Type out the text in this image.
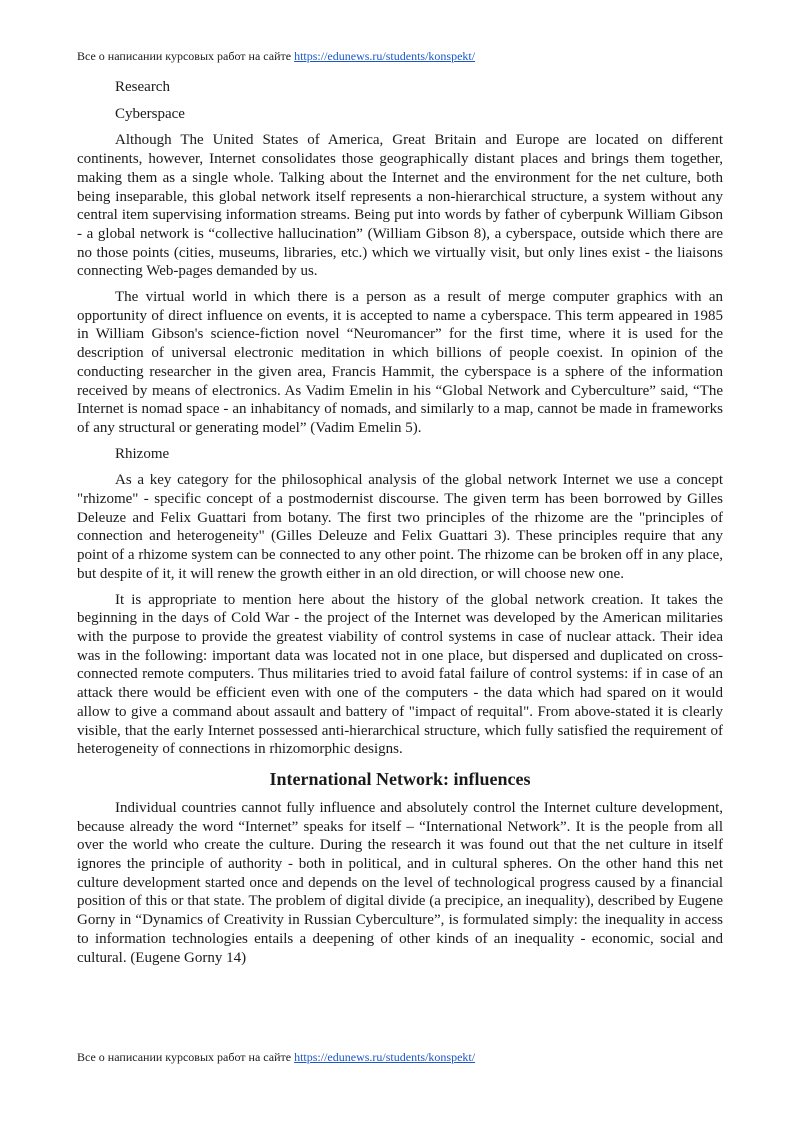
Все о написании курсовых работ на сайте https://edunews.ru/students/konspekt/

Research

Cyberspace

Although The United States of America, Great Britain and Europe are located on different continents, however, Internet consolidates those geographically distant places and brings them together, making them as a single whole. Talking about the Internet and the environment for the net culture, both being inseparable, this global network itself represents a non-hierarchical structure, a system without any central item supervising information streams. Being put into words by father of cyberpunk William Gibson - a global network is “collective hallucination” (William Gibson 8), a cyberspace, outside which there are no those points (cities, museums, libraries, etc.) which we virtually visit, but only lines exist - the liaisons connecting Web-pages demanded by us.

The virtual world in which there is a person as a result of merge computer graphics with an opportunity of direct influence on events, it is accepted to name a cyberspace. This term appeared in 1985 in William Gibson's science-fiction novel “Neuromancer” for the first time, where it is used for the description of universal electronic meditation in which billions of people coexist. In opinion of the conducting researcher in the given area, Francis Hammit, the cyberspace is a sphere of the information received by means of electronics. As Vadim Emelin in his “Global Network and Cyberculture” said, “The Internet is nomad space - an inhabitancy of nomads, and similarly to a map, cannot be made in frameworks of any structural or generating model” (Vadim Emelin 5).

Rhizome

As a key category for the philosophical analysis of the global network Internet we use a concept "rhizome" - specific concept of a postmodernist discourse. The given term has been borrowed by Gilles Deleuze and Felix Guattari from botany. The first two principles of the rhizome are the "principles of connection and heterogeneity" (Gilles Deleuze and Felix Guattari 3). These principles require that any point of a rhizome system can be connected to any other point. The rhizome can be broken off in any place, but despite of it, it will renew the growth either in an old direction, or will choose new one.

It is appropriate to mention here about the history of the global network creation. It takes the beginning in the days of Cold War - the project of the Internet was developed by the American militaries with the purpose to provide the greatest viability of control systems in case of nuclear attack. Their idea was in the following: important data was located not in one place, but dispersed and duplicated on cross-connected remote computers. Thus militaries tried to avoid fatal failure of control systems: if in case of an attack there would be efficient even with one of the computers - the data which had spared on it would allow to give a command about assault and battery of "impact of requital". From above-stated it is clearly visible, that the early Internet possessed anti-hierarchical structure, which fully satisfied the requirement of heterogeneity of connections in rhizomorphic designs.

International Network: influences

Individual countries cannot fully influence and absolutely control the Internet culture development, because already the word “Internet” speaks for itself – “International Network”. It is the people from all over the world who create the culture. During the research it was found out that the net culture in itself ignores the principle of authority - both in political, and in cultural spheres. On the other hand this net culture development started once and depends on the level of technological progress caused by a financial position of this or that state. The problem of digital divide (a precipice, an inequality), described by Eugene Gorny in “Dynamics of Creativity in Russian Cyberculture”, is formulated simply: the inequality in access to information technologies entails a deepening of other kinds of an inequality - economic, social and cultural. (Eugene Gorny 14)

Все о написании курсовых работ на сайте https://edunews.ru/students/konspekt/
